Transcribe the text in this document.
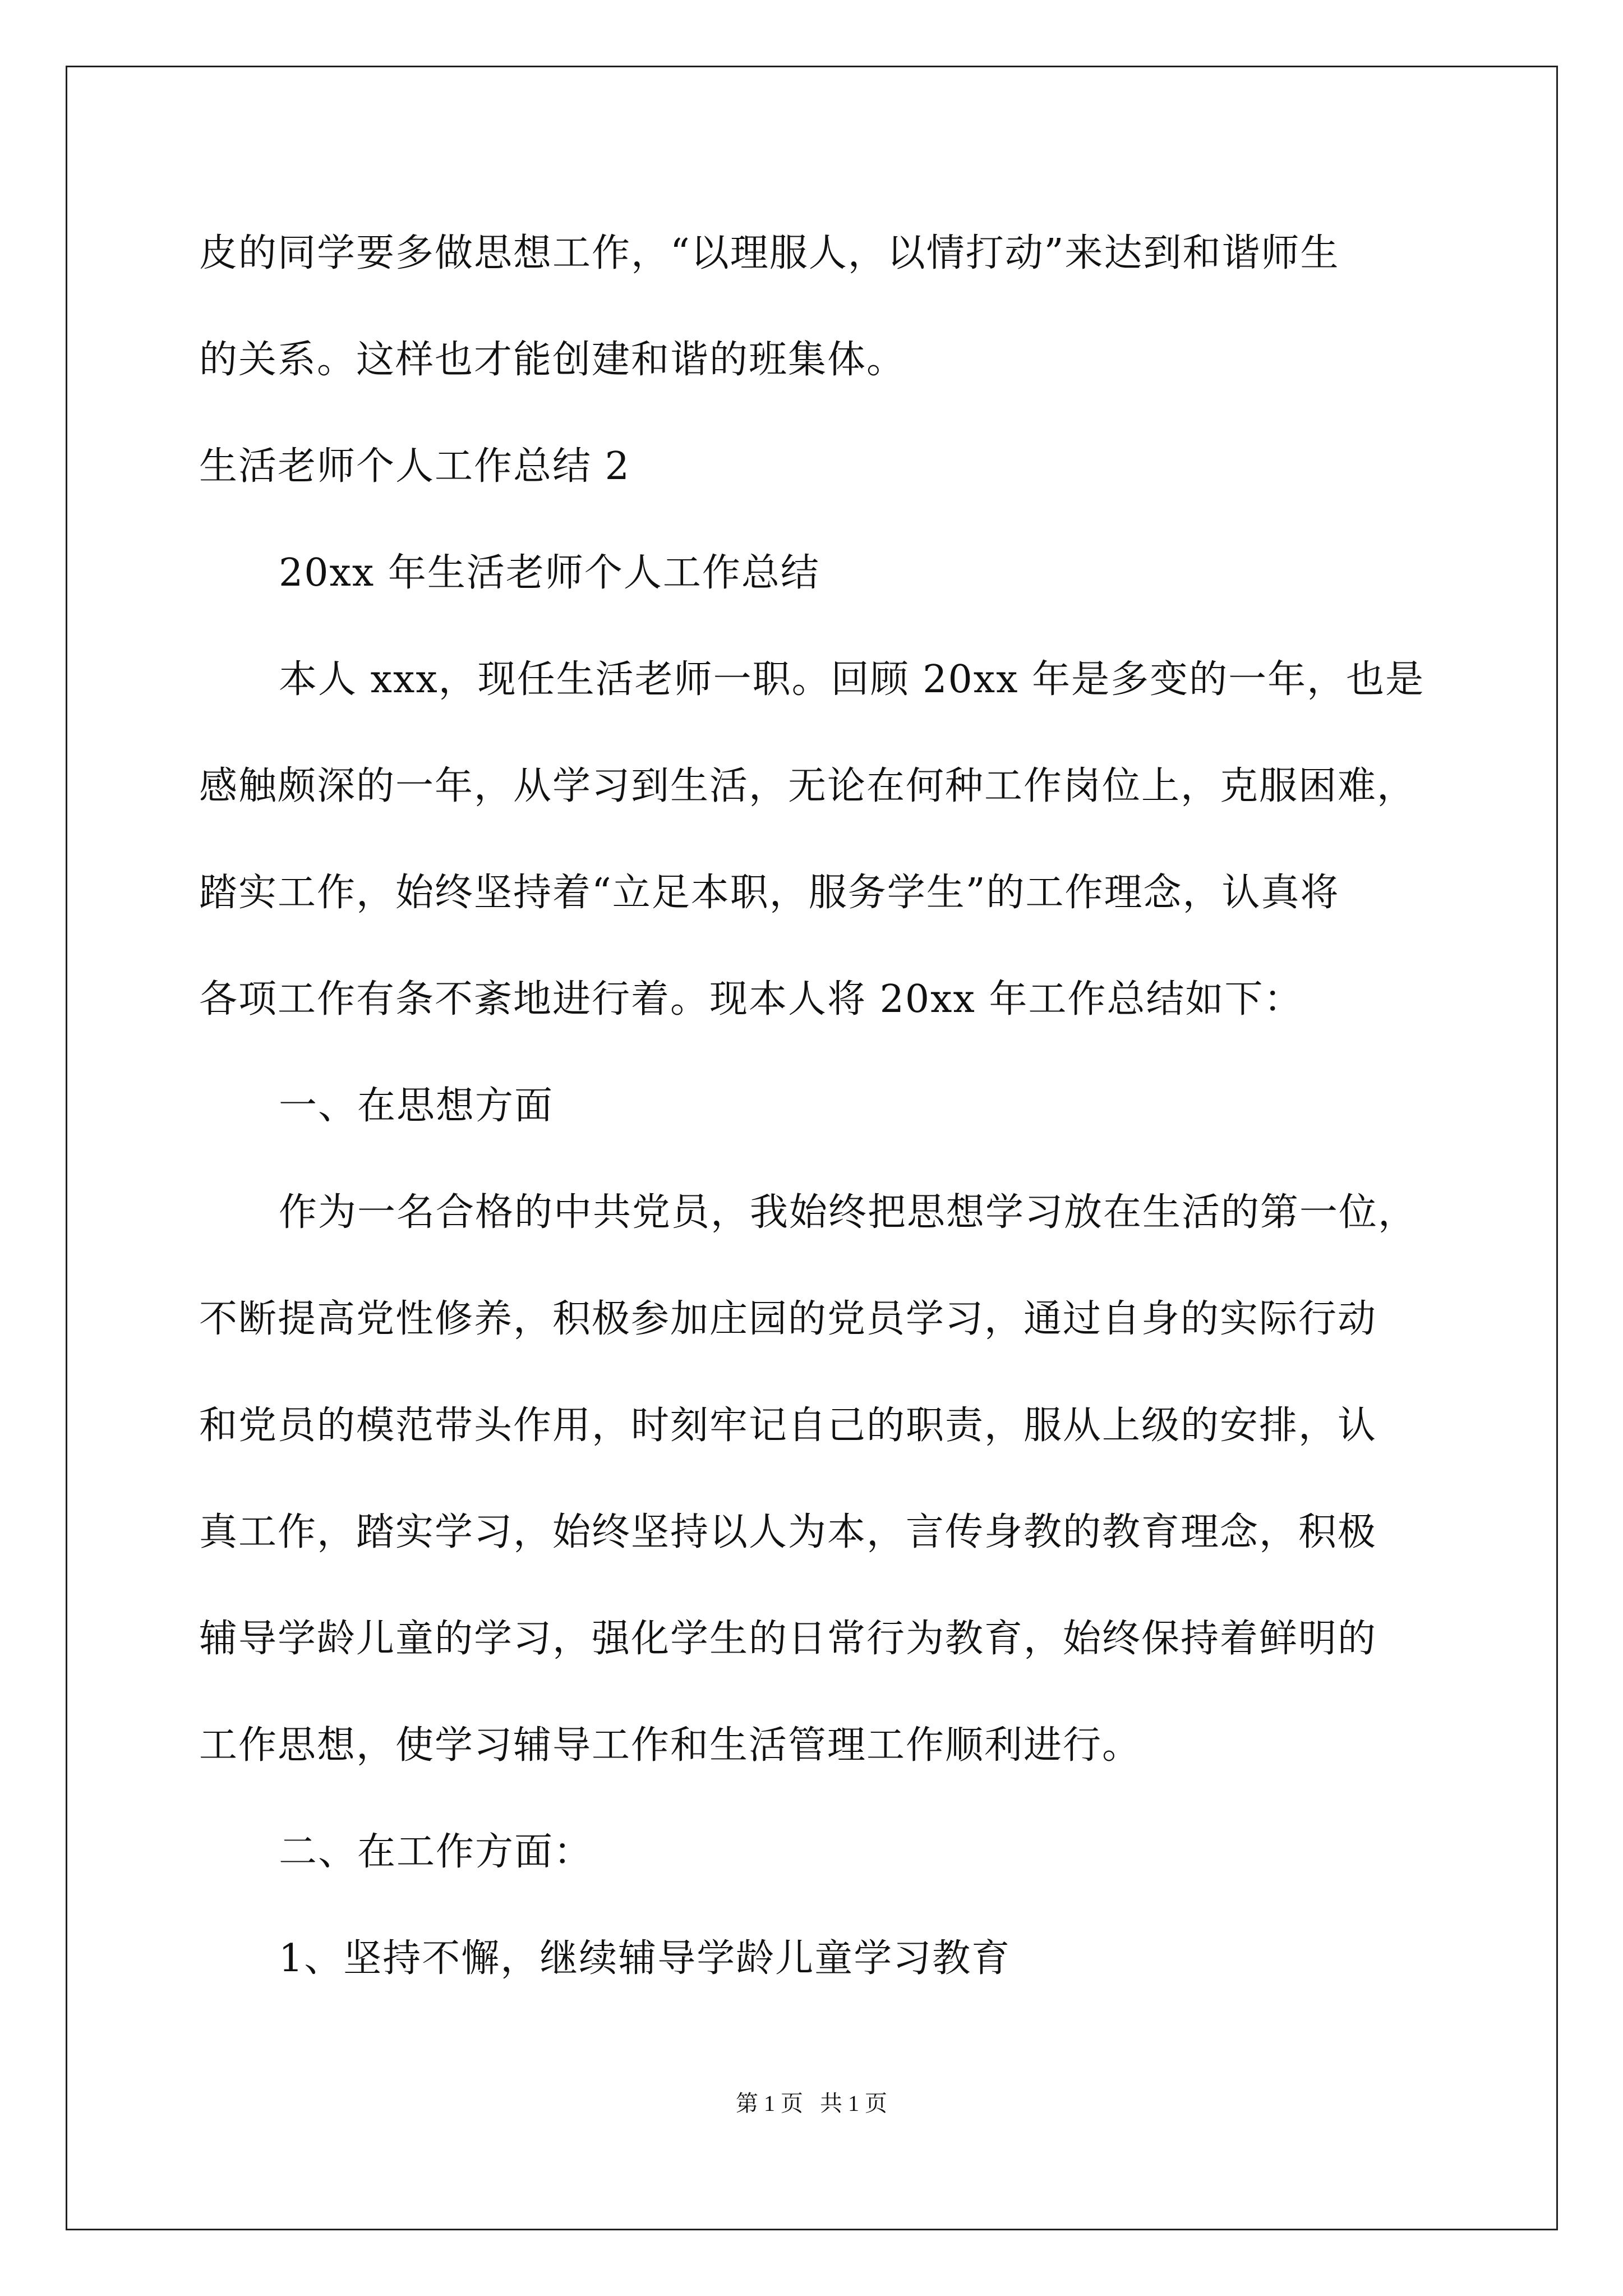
皮的同学要多做思想工作，“以理服人，以情打动”来达到和谐师生
的关系。这样也才能创建和谐的班集体。
生活老师个人工作总结 2
20xx 年生活老师个人工作总结
本人 xxx，现任生活老师一职。回顾 20xx 年是多变的一年，也是
感触颇深的一年，从学习到生活，无论在何种工作岗位上，克服困难，
踏实工作，始终坚持着“立足本职，服务学生”的工作理念，认真将
各项工作有条不紊地进行着。现本人将 20xx 年工作总结如下：
一、在思想方面
作为一名合格的中共党员，我始终把思想学习放在生活的第一位，
不断提高党性修养，积极参加庄园的党员学习，通过自身的实际行动
和党员的模范带头作用，时刻牢记自己的职责，服从上级的安排，认
真工作，踏实学习，始终坚持以人为本，言传身教的教育理念，积极
辅导学龄儿童的学习，强化学生的日常行为教育，始终保持着鲜明的
工作思想，使学习辅导工作和生活管理工作顺利进行。
二、在工作方面：
1、坚持不懈，继续辅导学龄儿童学习教育
第 1 页   共 1 页
